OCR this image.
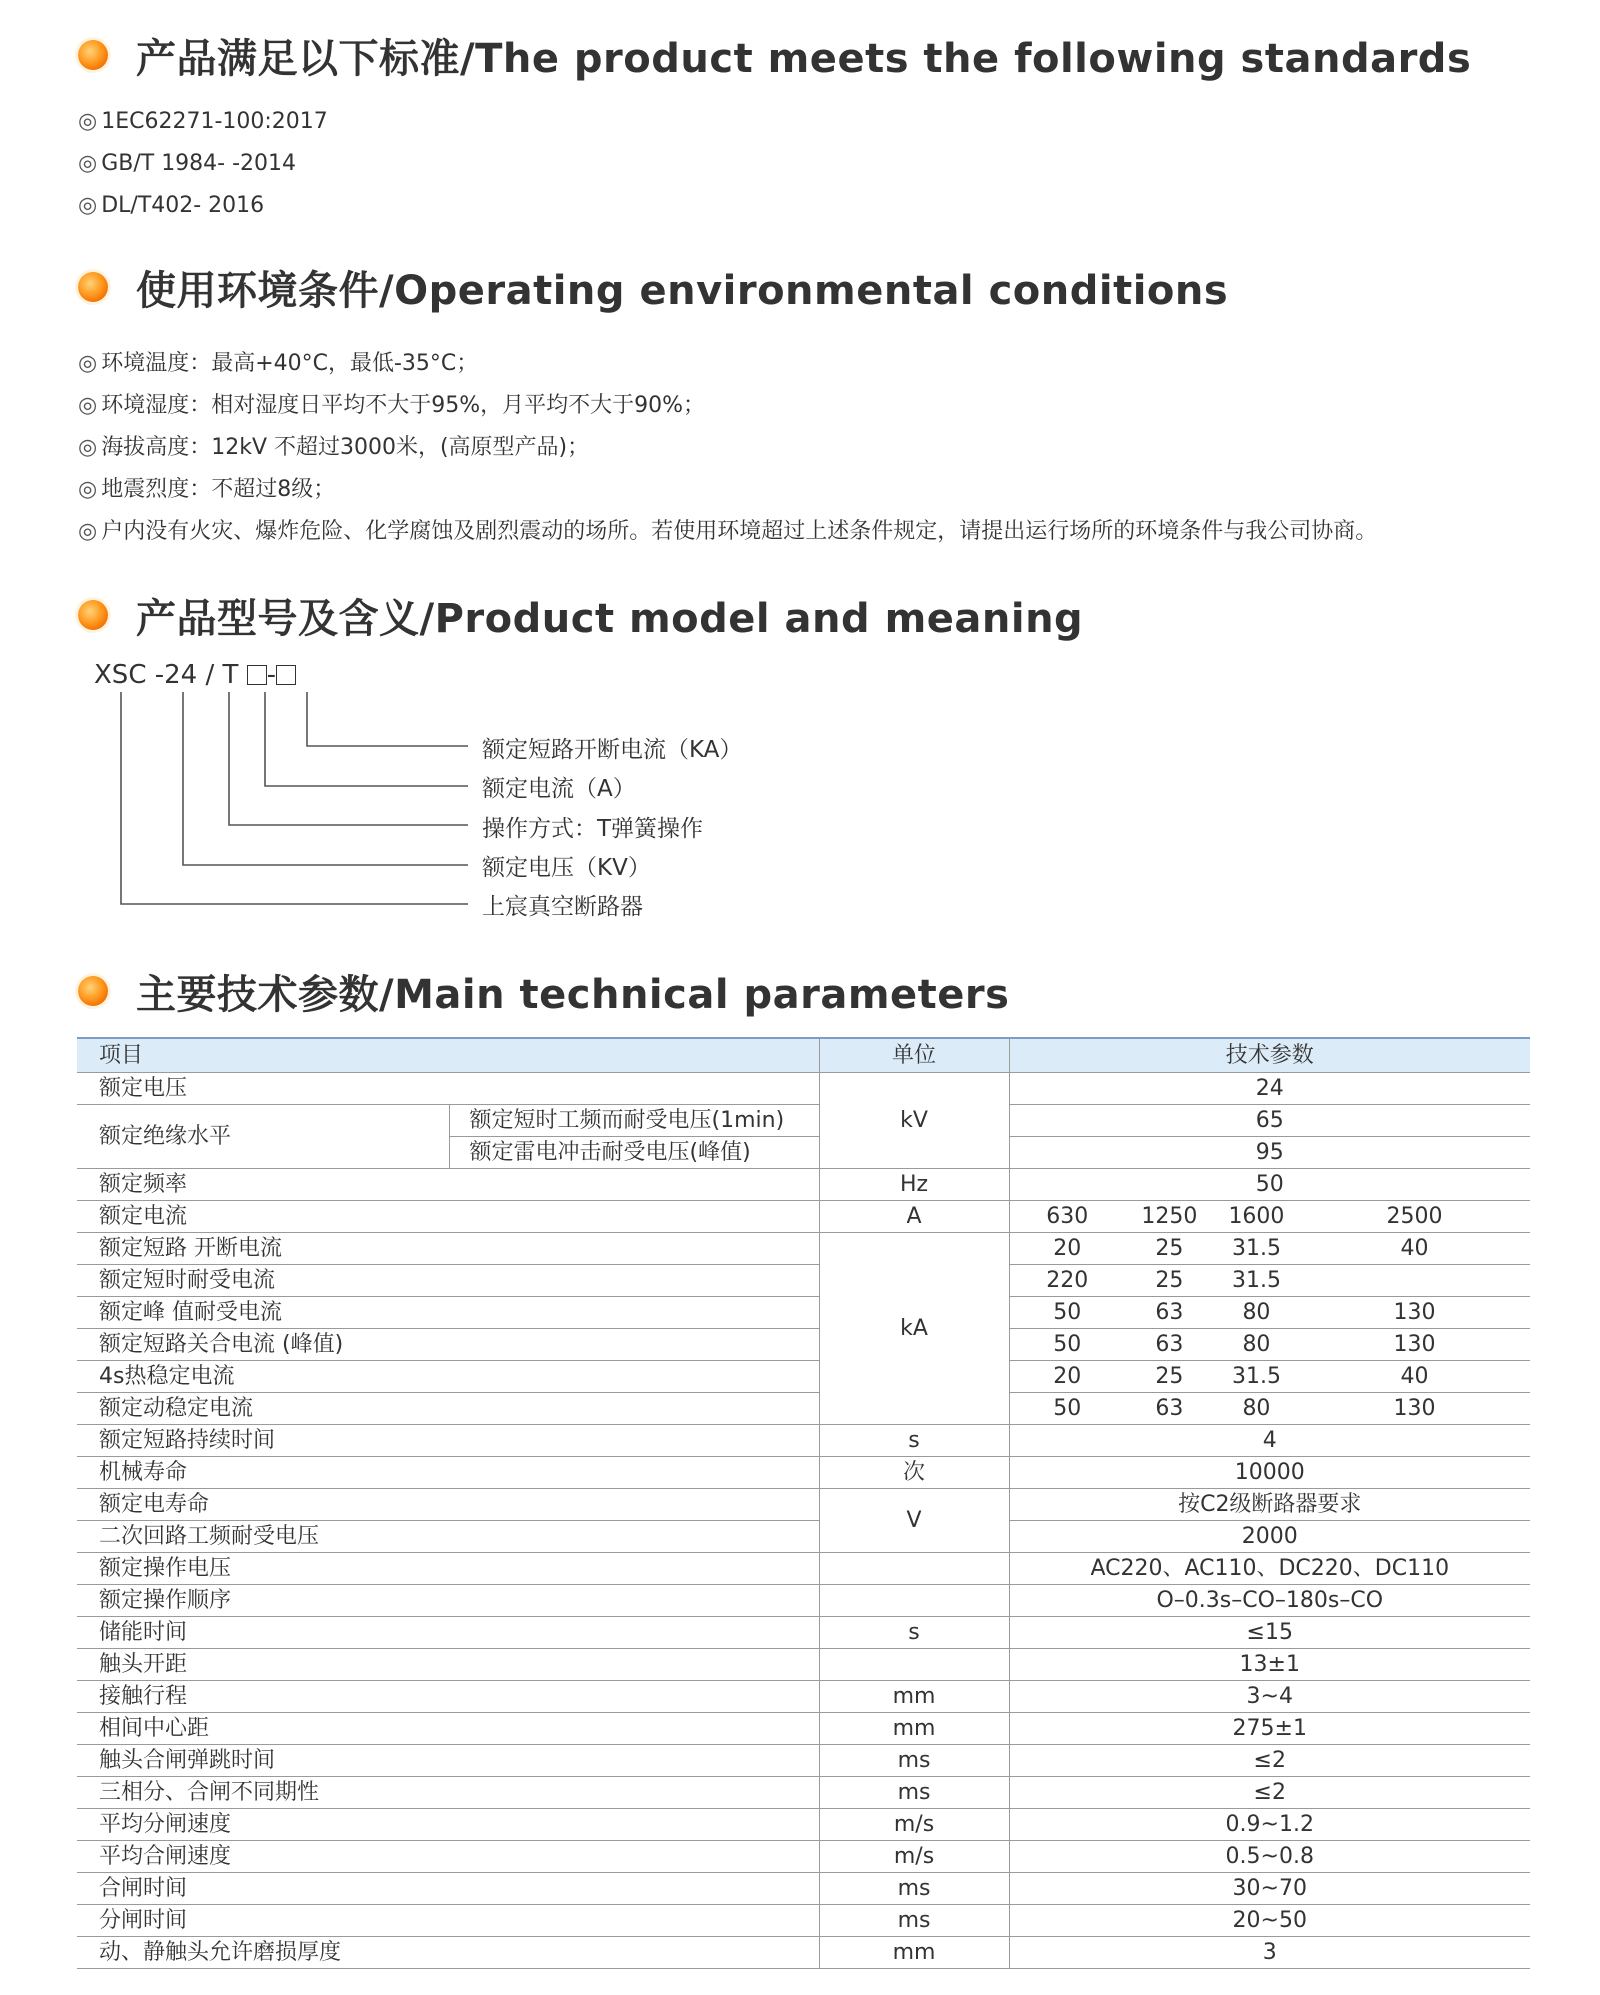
产品满足以下标准/The product meets the following standards
◎ 1EC62271-100:2017
◎ GB/T 1984- -2014
◎ DL/T402- 2016
使用环境条件/Operating environmental conditions
◎ 环境温度：最高+40°C，最低-35°C；
◎ 环境湿度：相对湿度日平均不大于95%，月平均不大于90%；
◎ 海拔高度：12kV 不超过3000米，(高原型产品)；
◎ 地震烈度：不超过8级；
◎ 户内没有火灾、爆炸危险、化学腐蚀及剧烈震动的场所。若使用环境超过上述条件规定，请提出运行场所的环境条件与我公司协商。
产品型号及含义/Product model and meaning
XSC -24 / T -
额定短路开断电流（KA）
额定电流（A）
操作方式：T弹簧操作
额定电压（KV）
上宸真空断路器
主要技术参数/Main technical parameters
项目		单位	技术参数
额定电压		kV	24
额定绝缘水平	额定短时工频而耐受电压(1min)		65
	额定雷电冲击耐受电压(峰值)		95
额定频率		Hz	50
额定电流		A	630 1250 1600 2500

额定短路 开断电流		kA	20 25 31.5 40

额定短时耐受电流			220 25 31.5

额定峰 值耐受电流			50 63 80 130

额定短路关合电流 (峰值)			50 63 80 130

4s热稳定电流			20 25 31.5 40

额定动稳定电流			50 63 80 130

额定短路持续时间		s	4
机械寿命		次	10000
额定电寿命		V	按C2级断路器要求
二次回路工频耐受电压			2000
额定操作电压			AC220、AC110、DC220、DC110
额定操作顺序			O–0.3s–CO–180s–CO
储能时间		s	≤15
触头开距			13±1
接触行程		mm	3~4
相间中心距		mm	275±1
触头合闸弹跳时间		ms	≤2
三相分、合闸不同期性		ms	≤2
平均分闸速度		m/s	0.9~1.2
平均合闸速度		m/s	0.5~0.8
合闸时间		ms	30~70
分闸时间		ms	20~50
动、静触头允许磨损厚度		mm	3
